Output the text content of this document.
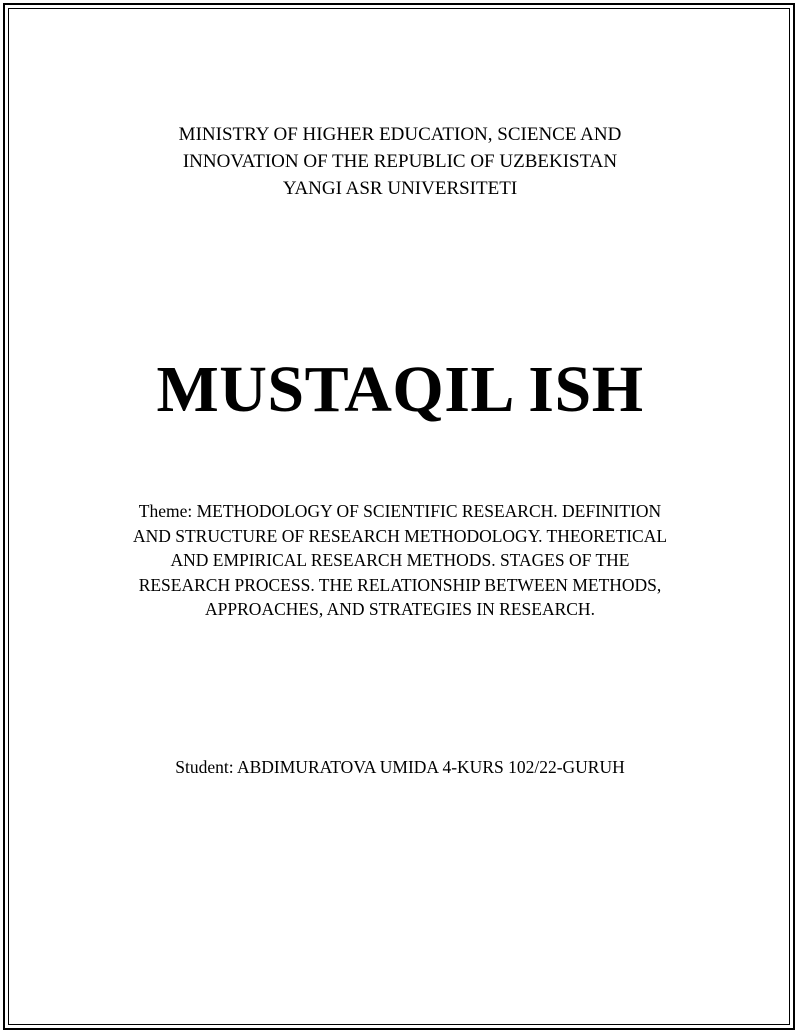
MINISTRY OF HIGHER EDUCATION, SCIENCE AND
INNOVATION OF THE REPUBLIC OF UZBEKISTAN
YANGI ASR UNIVERSITETI
MUSTAQIL ISH
Theme: METHODOLOGY OF SCIENTIFIC RESEARCH. DEFINITION
AND STRUCTURE OF RESEARCH METHODOLOGY. THEORETICAL
AND EMPIRICAL RESEARCH METHODS. STAGES OF THE
RESEARCH PROCESS. THE RELATIONSHIP BETWEEN METHODS,
APPROACHES, AND STRATEGIES IN RESEARCH.
Student: ABDIMURATOVA UMIDA 4-KURS 102/22-GURUH
